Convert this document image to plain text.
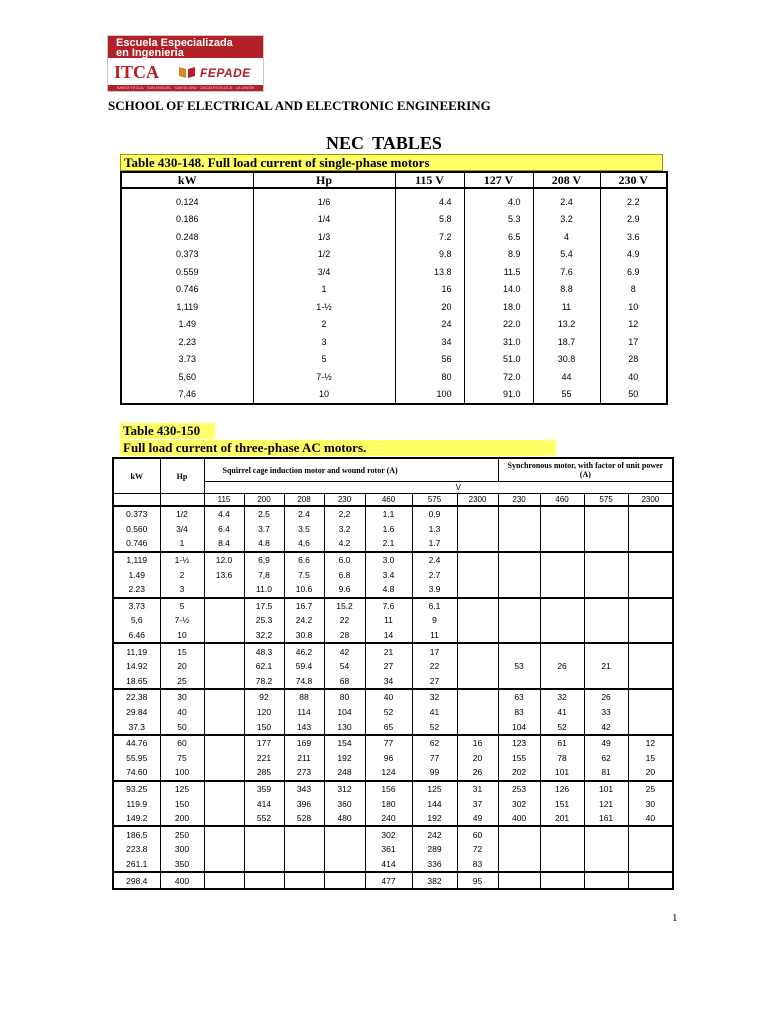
Escuela Especializada
en Ingeniería
ITCA	FEPADE
SANTA TECLA · SAN MIGUEL · SANTA ANA · ZACATECOLUCA · LA UNIÓN
SCHOOL OF ELECTRICAL AND ELECTRONIC ENGINEERING
NEC TABLES
Table 430-148. Full load current of single-phase motors
kW	Hp	115 V	127 V	208 V	230 V
0.124	1/6	4.4	4.0	2.4	2.2
0.186	1/4	5.8	5.3	3.2	2.9
0.248	1/3	7.2	6.5	4	3.6
0.373	1/2	9.8	8.9	5.4	4.9
0.559	3/4	13.8	11.5	7.6	6.9
0.746	1	16	14.0	8.8	8
1,119	1-½	20	18.0	11	10
1.49	2	24	22.0	13.2	12
2.23	3	34	31.0	18.7	17
3.73	5	56	51.0	30.8	28
5,60	7-½	80	72.0	44	40
7,46	10	100	91.0	55	50
Table 430-150
Full load current of three-phase AC motors.
kW	Hp	Squirrel cage induction motor and wound rotor (A)							Synchronous motor, with factor of unit power (A)			
		V										
		115	200	208	230	460	575	2300	230	460	575	2300
0.373	1/2	4.4	2.5	2.4	2,2	1,1	0.9					
0.560	3/4	6.4	3.7	3.5	3.2	1.6	1.3					
0.746	1	8.4	4.8	4,6	4.2	2.1	1.7					
1,119	1-½	12.0	6,9	6.6	6.0	3.0	2.4					
1.49	2	13.6	7,8	7.5	6.8	3.4	2.7					
2.23	3		11.0	10.6	9.6	4.8	3.9					
3.73	5		17.5	16.7	15.2	7.6	6.1					
5,6	7-½		25.3	24.2	22	11	9					
6.46	10		32,2	30.8	28	14	11					
11,19	15		48.3	46.2	42	21	17					
14.92	20		62.1	59.4	54	27	22		53	26	21	
18.65	25		78.2	74.8	68	34	27					
22.38	30		92	88	80	40	32		63	32	26	
29.84	40		120	114	104	52	41		83	41	33	
37.3	50		150	143	130	65	52		104	52	42	
44.76	60		177	169	154	77	62	16	123	61	49	12
55.95	75		221	211	192	96	77	20	155	78	62	15
74.60	100		285	273	248	124	99	26	202	101	81	20
93.25	125		359	343	312	156	125	31	253	126	101	25
119.9	150		414	396	360	180	144	37	302	151	121	30
149.2	200		552	528	480	240	192	49	400	201	161	40
186.5	250					302	242	60				
223.8	300					361	289	72				
261.1	350					414	336	83				
298.4	400					477	382	95				
1
